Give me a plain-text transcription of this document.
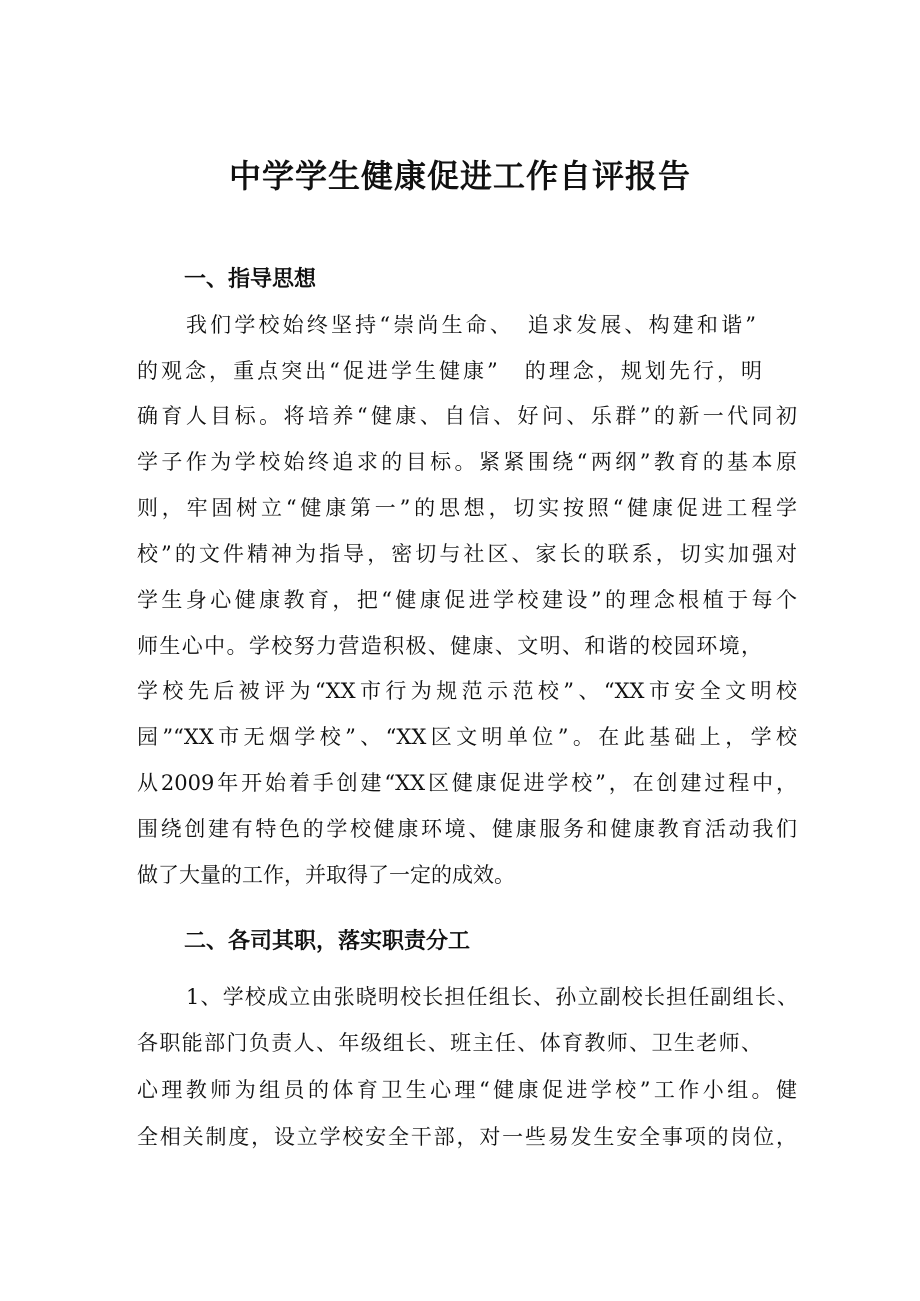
中学学生健康促进工作自评报告
一、指导思想
我们学校始终坚持“崇尚生命、　追求发展、构建和谐”
的观念，重点突出“促进学生健康”　的理念，规划先行，明
确育人目标。将培养“健康、自信、好问、乐群”的新一代同初
学子作为学校始终追求的目标。紧紧围绕“两纲”教育的基本原
则，牢固树立“健康第一”的思想，切实按照“健康促进工程学
校”的文件精神为指导，密切与社区、家长的联系，切实加强对
学生身心健康教育，把“健康促进学校建设”的理念根植于每个
师生心中。学校努力营造积极、健康、文明、和谐的校园环境，
学校先后被评为“XX市行为规范示范校”、“XX市安全文明校
园”“XX市无烟学校”、“XX区文明单位”。在此基础上，学校
从2009年开始着手创建“XX区健康促进学校”，在创建过程中，
围绕创建有特色的学校健康环境、健康服务和健康教育活动我们
做了大量的工作，并取得了一定的成效。
二、各司其职，落实职责分工
1、学校成立由张晓明校长担任组长、孙立副校长担任副组长、
各职能部门负责人、年级组长、班主任、体育教师、卫生老师、
心理教师为组员的体育卫生心理“健康促进学校”工作小组。健
全相关制度，设立学校安全干部，对一些易发生安全事项的岗位，
